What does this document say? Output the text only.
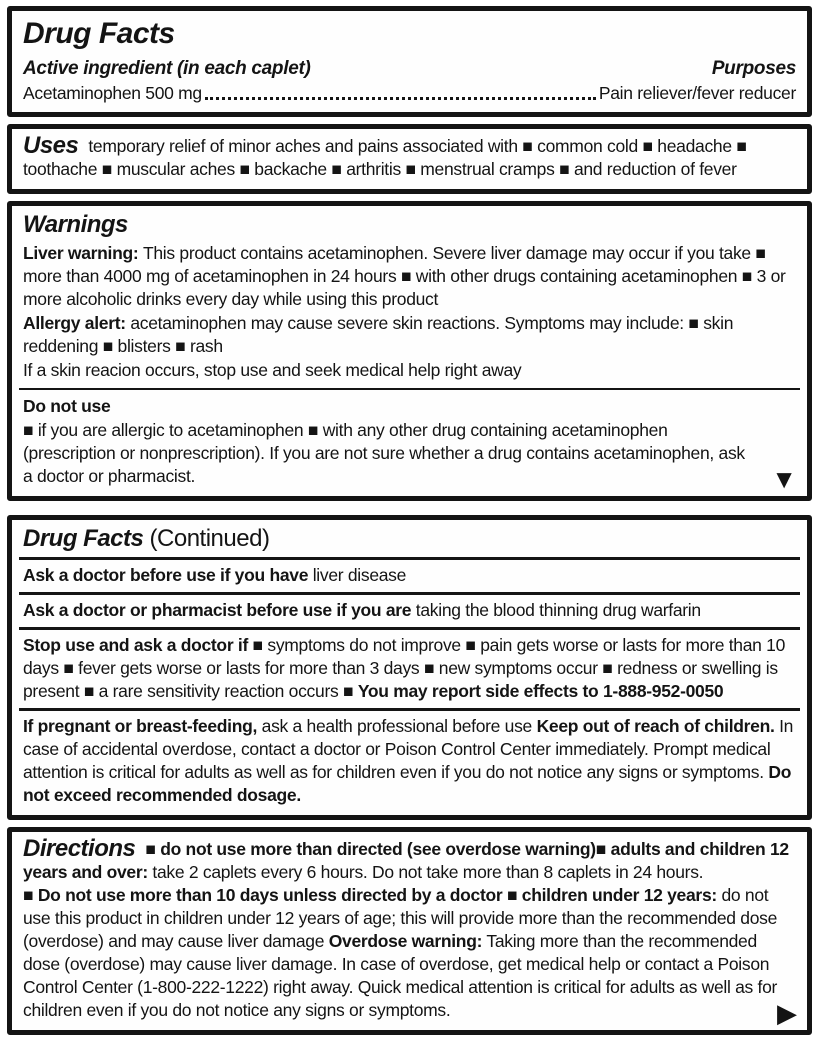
Drug Facts
Active ingredient (in each caplet)	Purposes
Acetaminophen 500 mg	Pain reliever/fever reducer

Uses temporary relief of minor aches and pains associated with ■ common cold ■ headache ■ toothache ■ muscular aches ■ backache ■ arthritis ■ menstrual cramps ■ and reduction of fever

Warnings

Liver warning: This product contains acetaminophen. Severe liver damage may occur if you take ■ more than 4000 mg of acetaminophen in 24 hours ■ with other drugs containing acetaminophen ■ 3 or more alcoholic drinks every day while using this product

Allergy alert: acetaminophen may cause severe skin reactions. Symptoms may include: ■ skin reddening ■ blisters ■ rash

If a skin reacion occurs, stop use and seek medical help right away

Do not use

■ if you are allergic to acetaminophen ■ with any other drug containing acetaminophen (prescription or nonprescription). If you are not sure whether a drug contains acetaminophen, ask a doctor or pharmacist.	▼
Drug Facts (Continued)

Ask a doctor before use if you have liver disease

Ask a doctor or pharmacist before use if you are taking the blood thinning drug warfarin

Stop use and ask a doctor if ■ symptoms do not improve ■ pain gets worse or lasts for more than 10 days ■ fever gets worse or lasts for more than 3 days ■ new symptoms occur ■ redness or swelling is present ■ a rare sensitivity reaction occurs ■ You may report side effects to 1-888-952-0050

If pregnant or breast-feeding, ask a health professional before use Keep out of reach of children. In case of accidental overdose, contact a doctor or Poison Control Center immediately. Prompt medical attention is critical for adults as well as for children even if you do not notice any signs or symptoms. Do not exceed recommended dosage.

Directions ■ do not use more than directed (see overdose warning)■ adults and children 12 years and over: take 2 caplets every 6 hours. Do not take more than 8 caplets in 24 hours.
■ Do not use more than 10 days unless directed by a doctor ■ children under 12 years: do not use this product in children under 12 years of age; this will provide more than the recommended dose (overdose) and may cause liver damage Overdose warning: Taking more than the recommended dose (overdose) may cause liver damage. In case of overdose, get medical help or contact a Poison Control Center (1-800-222-1222) right away. Quick medical attention is critical for adults as well as for children even if you do not notice any signs or symptoms.	▶
